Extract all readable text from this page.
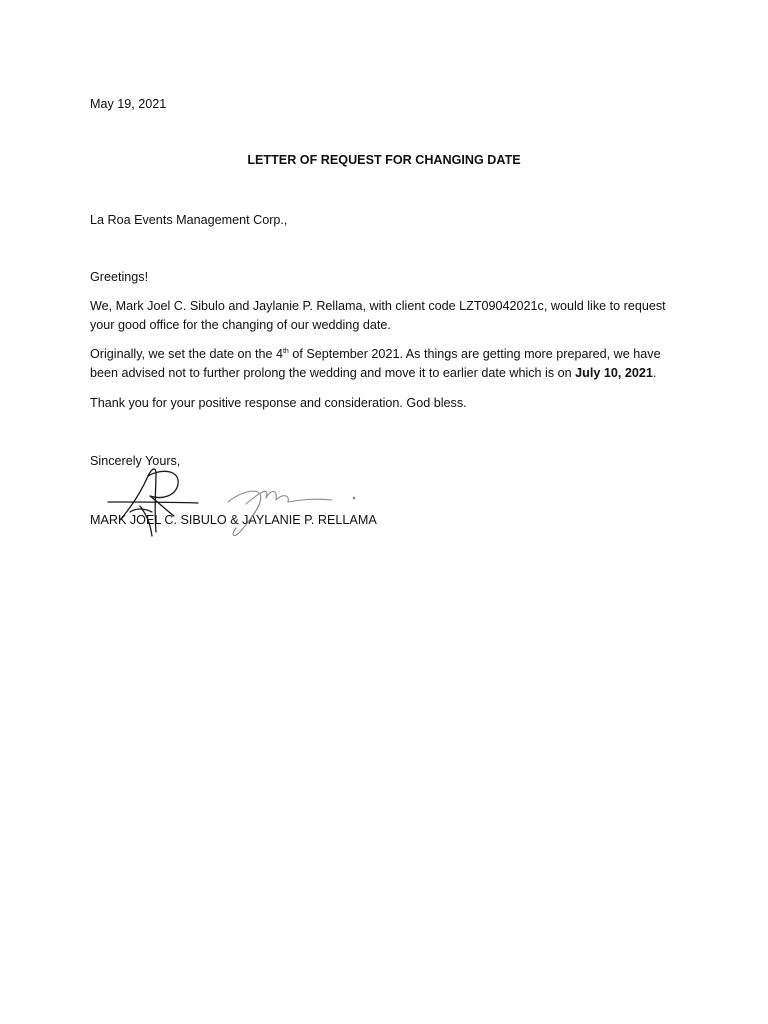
May 19, 2021

LETTER OF REQUEST FOR CHANGING DATE

La Roa Events Management Corp.,

Greetings!

We, Mark Joel C. Sibulo and Jaylanie P. Rellama, with client code LZT09042021c, would like to request

your good office for the changing of our wedding date.

Originally, we set the date on the 4th of September 2021. As things are getting more prepared, we have

been advised not to further prolong the wedding and move it to earlier date which is on July 10, 2021.

Thank you for your positive response and consideration. God bless.

Sincerely Yours,

MARK JOEL C. SIBULO & JAYLANIE P. RELLAMA
